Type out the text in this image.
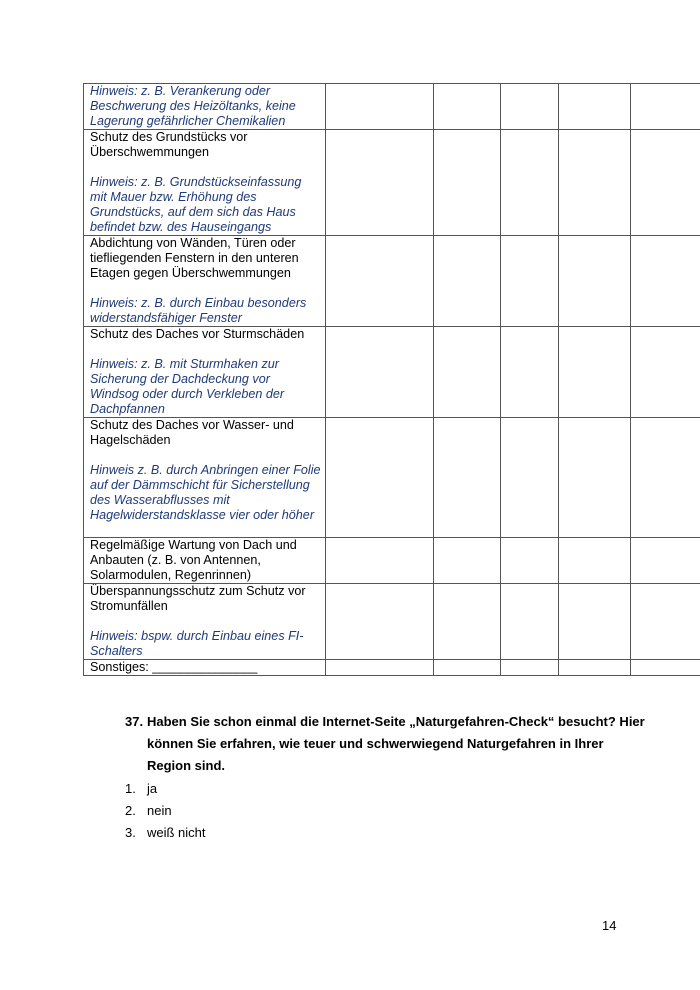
Hinweis: z. B. Verankerung oder Beschwerung des Heizöltanks, keine Lagerung gefährlicher Chemikalien					

Schutz des Grundstücks vor Überschwemmungen
Hinweis: z. B. Grundstückseinfassung mit Mauer bzw. Erhöhung des Grundstücks, auf dem sich das Haus befindet bzw. des Hauseingangs					

Abdichtung von Wänden, Türen oder tiefliegenden Fenstern in den unteren Etagen gegen Überschwemmungen
Hinweis: z. B. durch Einbau besonders widerstandsfähiger Fenster					

Schutz des Daches vor Sturmschäden
Hinweis: z. B. mit Sturmhaken zur Sicherung der Dachdeckung vor Windsog oder durch Verkleben der Dachpfannen					

Schutz des Daches vor Wasser- und Hagelschäden
Hinweis z. B. durch Anbringen einer Folie auf der Dämmschicht für Sicherstellung des Wasserabflusses mit Hagelwiderstandsklasse vier oder höher					

Regelmäßige Wartung von Dach und Anbauten (z. B. von Antennen, Solarmodulen, Regenrinnen)					

Überspannungsschutz zum Schutz vor Stromunfällen
Hinweis: bspw. durch Einbau eines FI-Schalters					

Sonstiges: _______________					

37. Haben Sie schon einmal die Internet-Seite „Naturgefahren-Check“ besucht? Hier können Sie erfahren, wie teuer und schwerwiegend Naturgefahren in Ihrer Region sind.
1. ja
2. nein
3. weiß nicht
14
